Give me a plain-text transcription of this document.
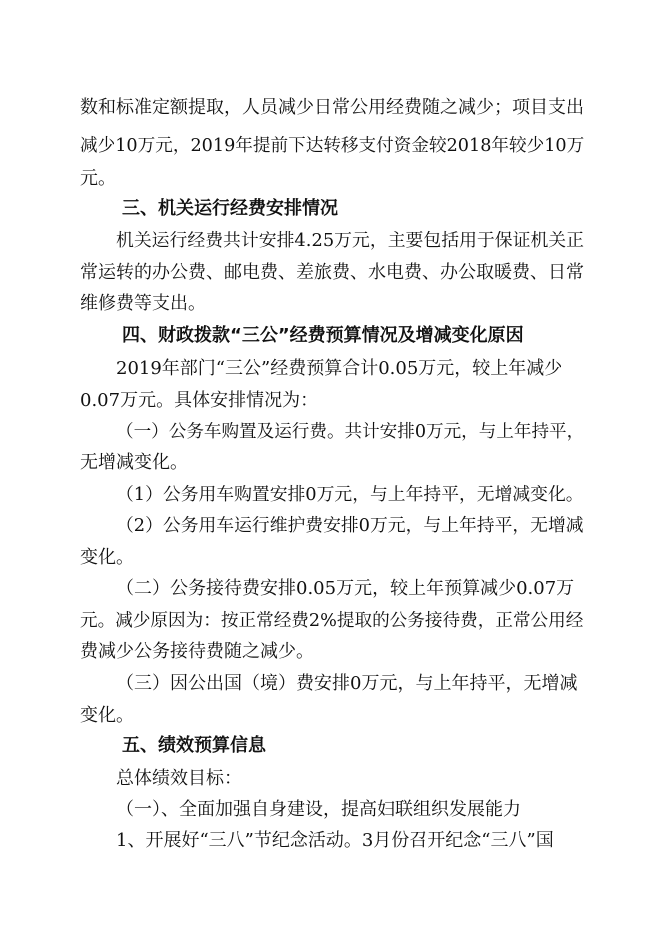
数和标准定额提取，人员减少日常公用经费随之减少；项目支出
减少10万元，2019年提前下达转移支付资金较2018年较少10万
元。
三、机关运行经费安排情况
机关运行经费共计安排4.25万元，主要包括用于保证机关正
常运转的办公费、邮电费、差旅费、水电费、办公取暖费、日常
维修费等支出。
四、财政拨款“三公”经费预算情况及增减变化原因
2019年部门“三公”经费预算合计0.05万元，较上年减少
0.07万元。具体安排情况为：
（一）公务车购置及运行费。共计安排0万元，与上年持平，
无增减变化。
（1）公务用车购置安排0万元，与上年持平，无增减变化。
（2）公务用车运行维护费安排0万元，与上年持平，无增减
变化。
（二）公务接待费安排0.05万元，较上年预算减少0.07万
元。减少原因为：按正常经费2%提取的公务接待费，正常公用经
费减少公务接待费随之减少。
（三）因公出国（境）费安排0万元，与上年持平，无增减
变化。
五、绩效预算信息
总体绩效目标：
（一）、全面加强自身建设，提高妇联组织发展能力
1、开展好“三八”节纪念活动。3月份召开纪念“三八”国
